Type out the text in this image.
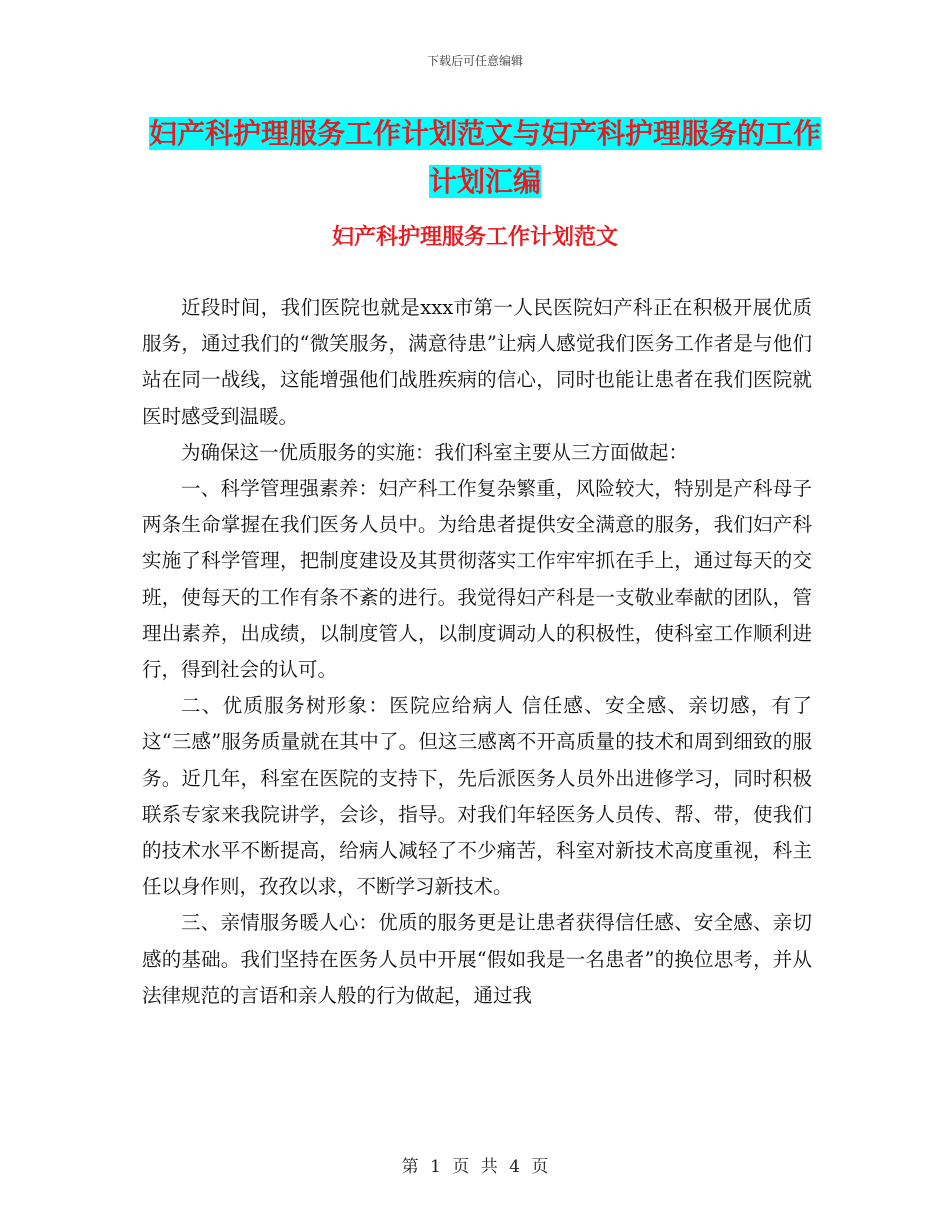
下载后可任意编辑
妇产科护理服务工作计划范文与妇产科护理服务的工作计划汇编
妇产科护理服务工作计划范文

近段时间，我们医院也就是xxx市第一人民医院妇产科正在积极开展优质服务，通过我们的“微笑服务，满意待患”让病人感觉我们医务工作者是与他们站在同一战线，这能增强他们战胜疾病的信心，同时也能让患者在我们医院就医时感受到温暖。

为确保这一优质服务的实施：我们科室主要从三方面做起：

一、科学管理强素养：妇产科工作复杂繁重，风险较大，特别是产科母子两条生命掌握在我们医务人员中。为给患者提供安全满意的服务，我们妇产科实施了科学管理，把制度建设及其贯彻落实工作牢牢抓在手上，通过每天的交班，使每天的工作有条不紊的进行。我觉得妇产科是一支敬业奉献的团队，管理出素养，出成绩，以制度管人，以制度调动人的积极性，使科室工作顺利进行，得到社会的认可。

二、优质服务树形象：医院应给病人 信任感、安全感、亲切感，有了这“三感”服务质量就在其中了。但这三感离不开高质量的技术和周到细致的服务。近几年，科室在医院的支持下，先后派医务人员外出进修学习，同时积极联系专家来我院讲学，会诊，指导。对我们年轻医务人员传、帮、带，使我们的技术水平不断提高，给病人减轻了不少痛苦，科室对新技术高度重视，科主任以身作则，孜孜以求，不断学习新技术。

三、亲情服务暖人心：优质的服务更是让患者获得信任感、安全感、亲切感的基础。我们坚持在医务人员中开展“假如我是一名患者”的换位思考，并从法律规范的言语和亲人般的行为做起，通过我

第 1 页 共 4 页
